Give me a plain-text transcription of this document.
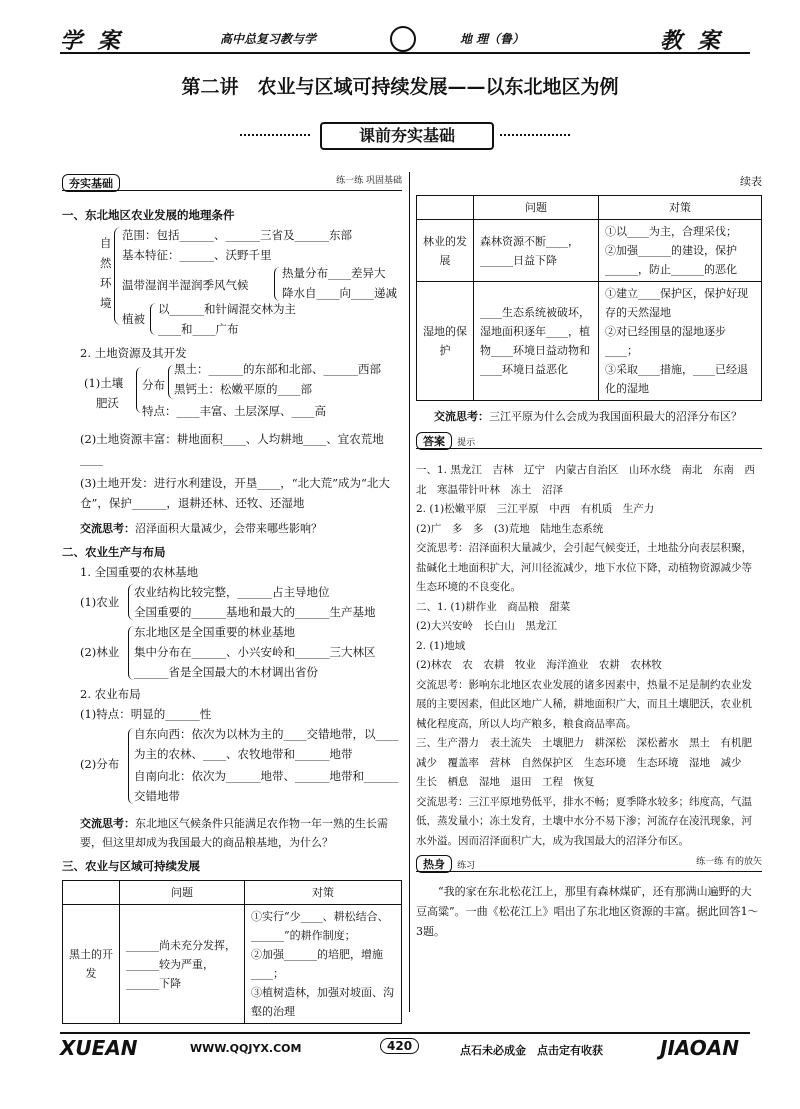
学 案	高中总复习教与学	地 理（鲁）	教 案
第二讲　农业与区域可持续发展——以东北地区为例
课前夯实基础
夯实基础	练一练 巩固基础
一、东北地区农业发展的地理条件
自
然
环
境
范围：包括______、______三省及______东部
基本特征：______、沃野千里
温带湿润半湿润季风气候
热量分布____差异大
降水自____向____递减
植被
以______和针阔混交林为主
____和____广布
2. 土地资源及其开发
(1)土壤
肥沃
分布
黑土：______的东部和北部、______西部
黑钙土：松嫩平原的____部
特点：____丰富、土层深厚、____高
(2)土地资源丰富：耕地面积____、人均耕地____、宜农荒地____
(3)土地开发：进行水利建设，开垦____，“北大荒”成为“北大仓”，保护______，退耕还林、还牧、还湿地
交流思考：沼泽面积大量减少，会带来哪些影响？
二、农业生产与布局
1. 全国重要的农林基地
(1)农业
农业结构比较完整，______占主导地位
全国重要的______基地和最大的______生产基地
(2)林业
东北地区是全国重要的林业基地
集中分布在______、小兴安岭和______三大林区
______省是全国最大的木材调出省份
2. 农业布局
(1)特点：明显的______性
(2)分布
自东向西：依次为以林为主的____交错地带，以____为主的农林、____、农牧地带和______地带
自南向北：依次为______地带、______地带和______交错地带
交流思考：东北地区气候条件只能满足农作物一年一熟的生长需要，但这里却成为我国最大的商品粮基地，为什么？
三、农业与区域可持续发展
	问题	对策
黑土的开发	______尚未充分发挥，______较为严重，______下降	①实行“少____、耕松结合、______”的耕作制度；
②加强______的培肥，增施____；
③植树造林，加强对坡面、沟壑的治理
续表
	问题	对策
林业的发展	森林资源不断____，______日益下降	①以____为主，合理采伐；
②加强______的建设，保护______，防止______的恶化

湿地的保护	____生态系统被破坏，湿地面积逐年____，植物____环境日益动物和____环境日益恶化	①建立____保护区，保护好现存的天然湿地
②对已经围垦的湿地逐步____；
③采取____措施，____已经退化的湿地
交流思考：三江平原为什么会成为我国面积最大的沼泽分布区？
答案 提示
一、1. 黑龙江　吉林　辽宁　内蒙古自治区　山环水绕　南北　东南　西北　寒温带针叶林　冻土　沼泽
2. (1)松嫩平原　三江平原　中西　有机质　生产力
(2)广　多　多　(3)荒地　陆地生态系统
交流思考：沼泽面积大量减少，会引起气候变迁，土地盐分向表层积聚，盐碱化土地面积扩大，河川径流减少，地下水位下降，动植物资源减少等生态环境的不良变化。
二、1. (1)耕作业　商品粮　甜菜
(2)大兴安岭　长白山　黑龙江
2. (1)地域
(2)林农　农　农耕　牧业　海洋渔业　农耕　农林牧
交流思考：影响东北地区农业发展的诸多因素中，热量不足是制约农业发展的主要因素，但此区地广人稀，耕地面积广大，而且土壤肥沃，农业机械化程度高，所以人均产粮多，粮食商品率高。
三、生产潜力　表土流失　土壤肥力　耕深松　深松蓄水　黑土　有机肥　减少　覆盖率　营林　自然保护区　生态环境　生态环境　湿地　减少　生长　栖息　湿地　退田　工程　恢复
交流思考：三江平原地势低平，排水不畅；夏季降水较多；纬度高，气温低，蒸发量小；冻土发育，土壤中水分不易下渗；河流存在凌汛现象，河水外溢。因而沼泽面积广大，成为我国最大的沼泽分布区。
热身 练习	练一练 有的放矢
“我的家在东北松花江上，那里有森林煤矿，还有那满山遍野的大豆高粱”。一曲《松花江上》唱出了东北地区资源的丰富。据此回答1～3题。
XUEAN	WWW.QQJYX.COM	420	点石未必成金　点击定有收获	JIAOAN
